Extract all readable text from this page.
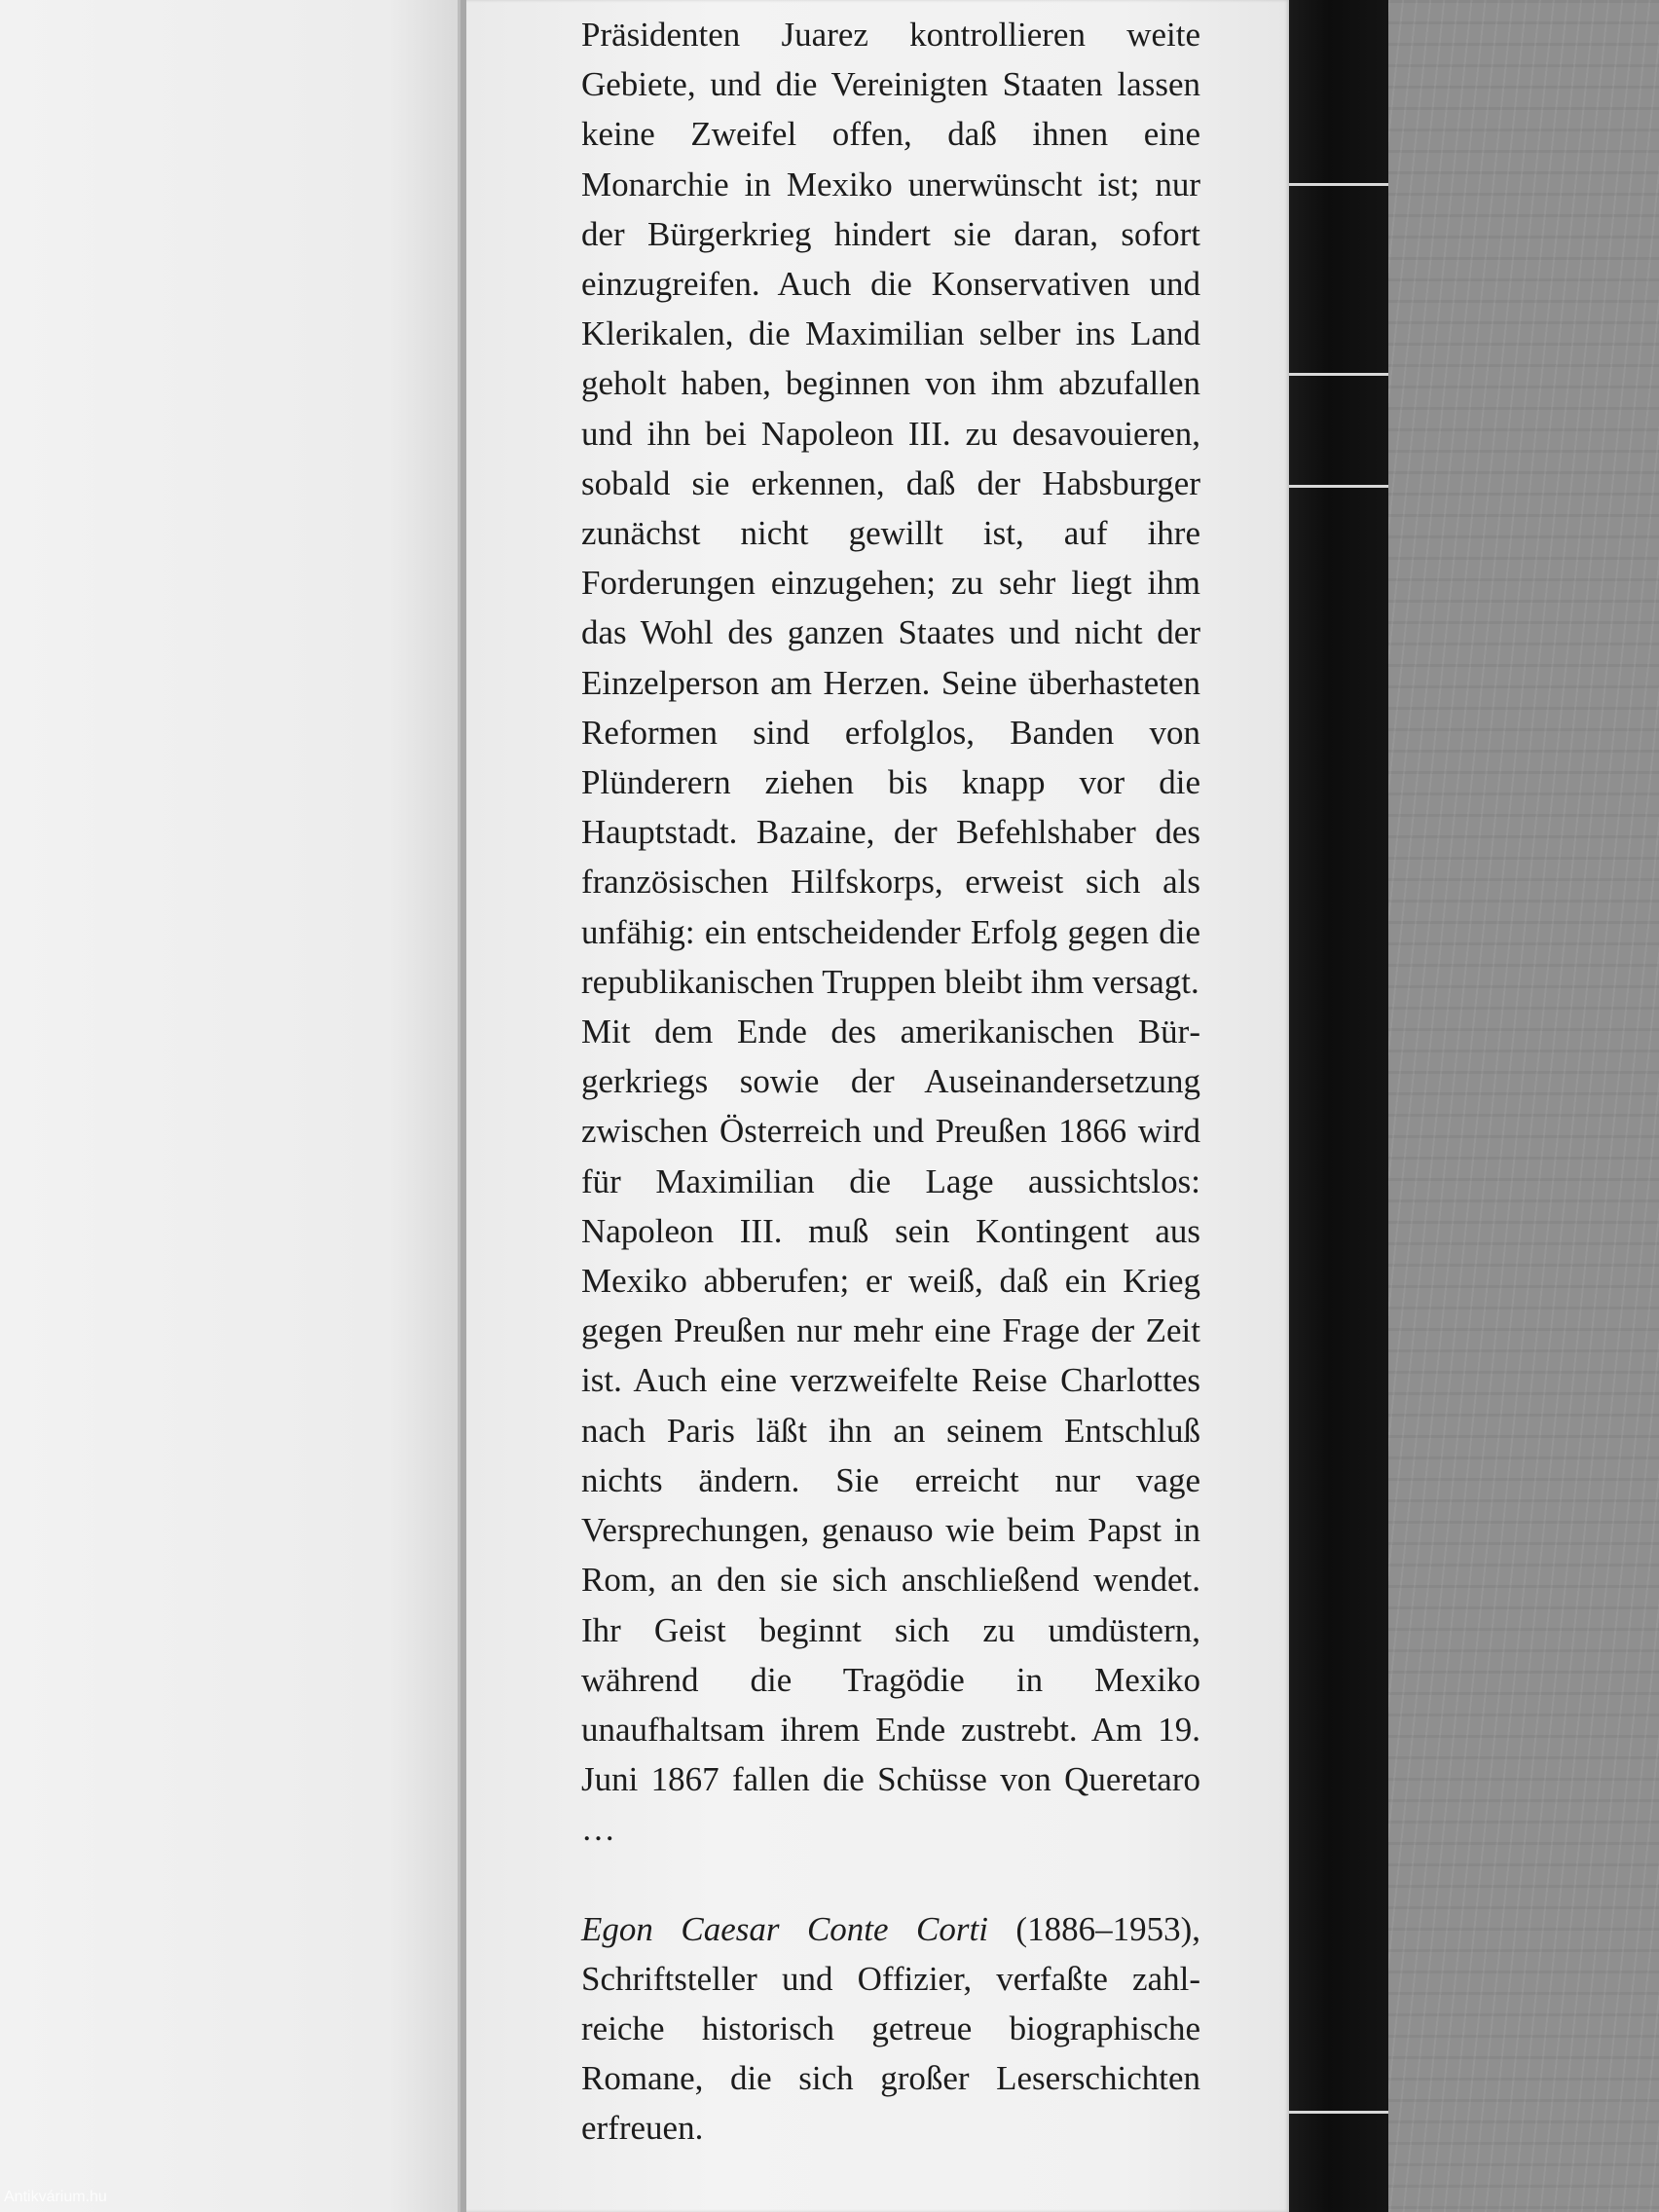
Präsidenten Juarez kontrollieren weite Gebiete, und die Vereinigten Staaten lassen keine Zweifel offen, daß ihnen eine Monarchie in Mexiko unerwünscht ist; nur der Bürgerkrieg hindert sie daran, sofort einzugreifen. Auch die Konservativen und Klerikalen, die Maximilian selber ins Land geholt haben, beginnen von ihm abzufallen und ihn bei Napoleon III. zu desavouieren, sobald sie erkennen, daß der Habsburger zunächst nicht gewillt ist, auf ihre Forderungen einzugehen; zu sehr liegt ihm das Wohl des ganzen Staates und nicht der Einzelperson am Herzen. Seine überhasteten Reformen sind erfolglos, Banden von Plünderern ziehen bis knapp vor die Hauptstadt. Bazaine, der Befehlshaber des französischen Hilfskorps, erweist sich als unfähig: ein entscheidender Erfolg gegen die republikanischen Truppen bleibt ihm versagt.

Mit dem Ende des amerikanischen Bürgerkriegs sowie der Auseinandersetzung zwischen Österreich und Preußen 1866 wird für Maximilian die Lage aussichtslos: Napoleon III. muß sein Kontingent aus Mexiko abberufen; er weiß, daß ein Krieg gegen Preußen nur mehr eine Frage der Zeit ist. Auch eine verzweifelte Reise Charlottes nach Paris läßt ihn an seinem Entschluß nichts ändern. Sie erreicht nur vage Versprechungen, genauso wie beim Papst in Rom, an den sie sich anschließend wendet. Ihr Geist beginnt sich zu umdüstern, während die Tragödie in Mexiko unaufhaltsam ihrem Ende zustrebt. Am 19. Juni 1867 fallen die Schüsse von Queretaro …

Egon Caesar Conte Corti (1886–1953), Schriftsteller und Offizier, verfaßte zahlreiche historisch getreue biographische Romane, die sich großer Leserschichten erfreuen.

Antikvárium.hu
